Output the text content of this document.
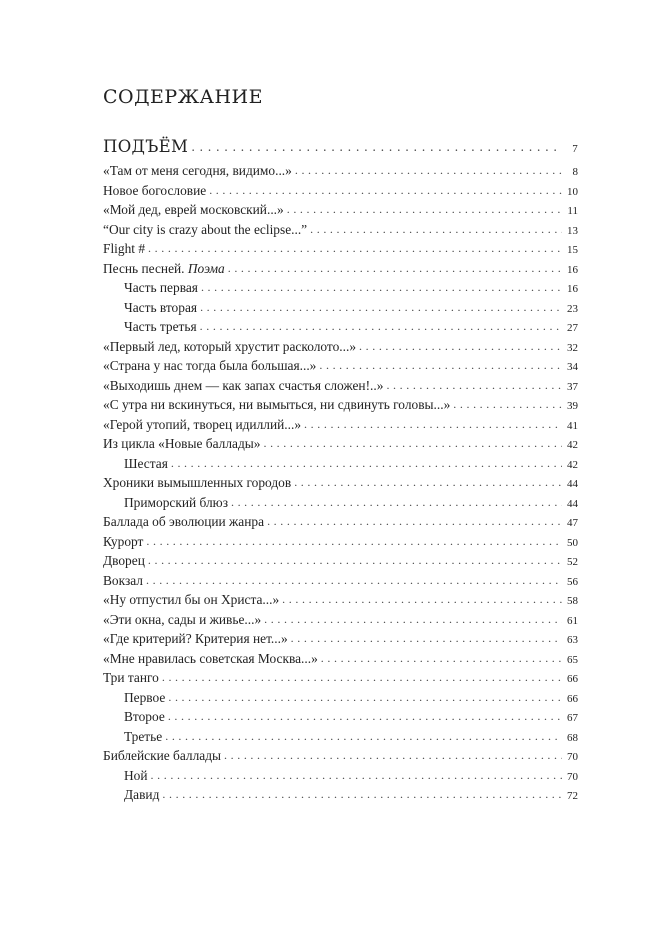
СОДЕРЖАНИЕ
ПОДЪЁМ . . .	7
«Там от меня сегодня, видимо...» . . .	8
Новое богословие . . .	10
«Мой дед, еврей московский...» . . .	11
“Our city is crazy about the eclipse...” . . .	13
Flight # . . .	15
Песнь песней. Поэма . . .	16
Часть первая . . .	16
Часть вторая . . .	23
Часть третья . . .	27
«Первый лед, который хрустит расколото...» . . .	32
«Страна у нас тогда была большая...» . . .	34
«Выходишь днем — как запах счастья сложен!..» . . .	37
«С утра ни вскинуться, ни вымыться, ни сдвинуть головы...» . . .	39
«Герой утопий, творец идиллий...» . . .	41
Из цикла «Новые баллады» . . .	42
Шестая . . .	42
Хроники вымышленных городов . . .	44
Приморский блюз . . .	44
Баллада об эволюции жанра . . .	47
Курорт . . .	50
Дворец . . .	52
Вокзал . . .	56
«Ну отпустил бы он Христа...» . . .	58
«Эти окна, сады и живье...» . . .	61
«Где критерий? Критерия нет...» . . .	63
«Мне нравилась советская Москва...» . . .	65
Три танго . . .	66
Первое . . .	66
Второе . . .	67
Третье . . .	68
Библейские баллады . . .	70
Ной . . .	70
Давид . . .	72
